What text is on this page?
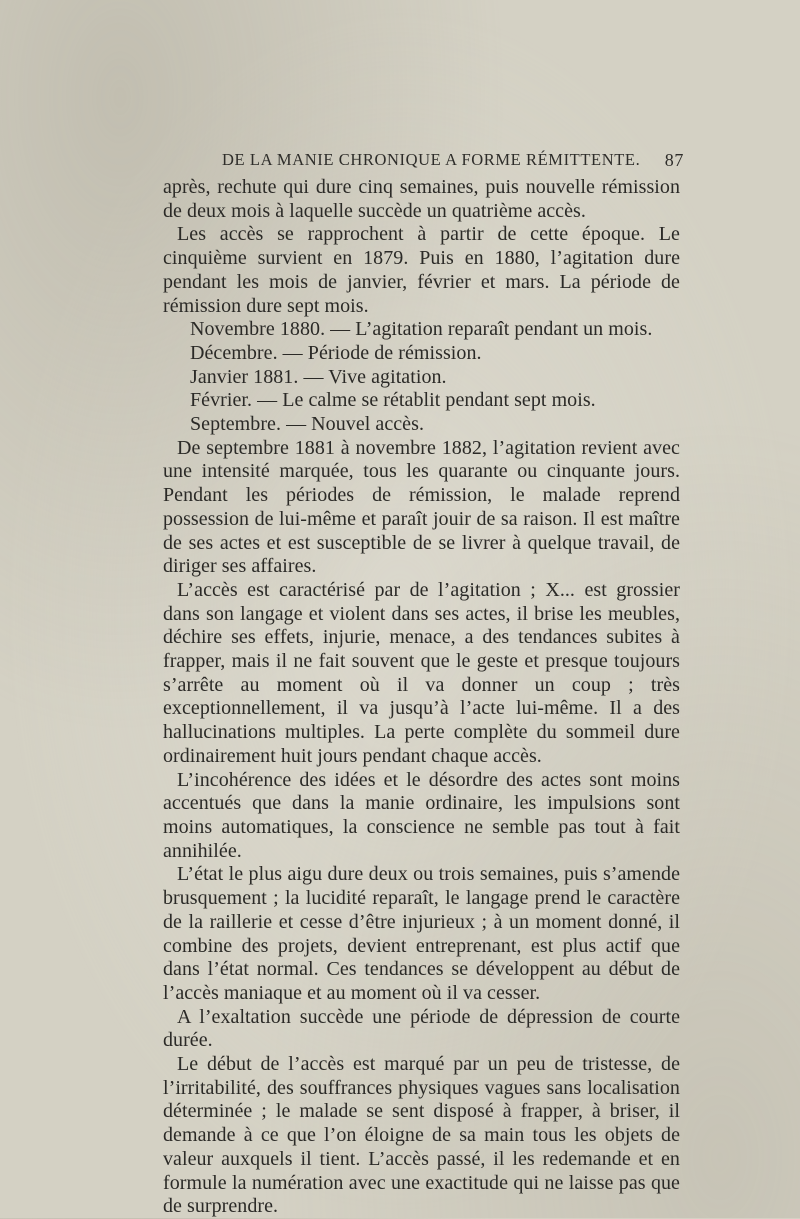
DE LA MANIE CHRONIQUE A FORME RÉMITTENTE. 87

après, rechute qui dure cinq semaines, puis nouvelle rémission de deux mois à laquelle succède un quatrième accès.

Les accès se rapprochent à partir de cette époque. Le cinquième survient en 1879. Puis en 1880, l’agitation dure pendant les mois de janvier, février et mars. La période de rémission dure sept mois.

Novembre 1880. — L’agitation reparaît pendant un mois.

Décembre. — Période de rémission.

Janvier 1881. — Vive agitation.

Février. — Le calme se rétablit pendant sept mois.

Septembre. — Nouvel accès.

De septembre 1881 à novembre 1882, l’agitation revient avec une intensité marquée, tous les quarante ou cinquante jours. Pendant les périodes de rémission, le malade reprend possession de lui-même et paraît jouir de sa raison. Il est maître de ses actes et est susceptible de se livrer à quelque travail, de diriger ses affaires.

L’accès est caractérisé par de l’agitation ; X... est grossier dans son langage et violent dans ses actes, il brise les meubles, déchire ses effets, injurie, menace, a des tendances subites à frapper, mais il ne fait souvent que le geste et presque toujours s’arrête au moment où il va donner un coup ; très exceptionnellement, il va jusqu’à l’acte lui-même. Il a des hallucinations multiples. La perte complète du sommeil dure ordinairement huit jours pendant chaque accès.

L’incohérence des idées et le désordre des actes sont moins accentués que dans la manie ordinaire, les impulsions sont moins automatiques, la conscience ne semble pas tout à fait annihilée.

L’état le plus aigu dure deux ou trois semaines, puis s’amende brusquement ; la lucidité reparaît, le langage prend le caractère de la raillerie et cesse d’être injurieux ; à un moment donné, il combine des projets, devient entreprenant, est plus actif que dans l’état normal. Ces tendances se développent au début de l’accès maniaque et au moment où il va cesser.

A l’exaltation succède une période de dépression de courte durée.

Le début de l’accès est marqué par un peu de tristesse, de l’irritabilité, des souffrances physiques vagues sans localisation déterminée ; le malade se sent disposé à frapper, à briser, il demande à ce que l’on éloigne de sa main tous les objets de valeur auxquels il tient. L’accès passé, il les redemande et en formule la numération avec une exactitude qui ne laisse pas que de surprendre.
